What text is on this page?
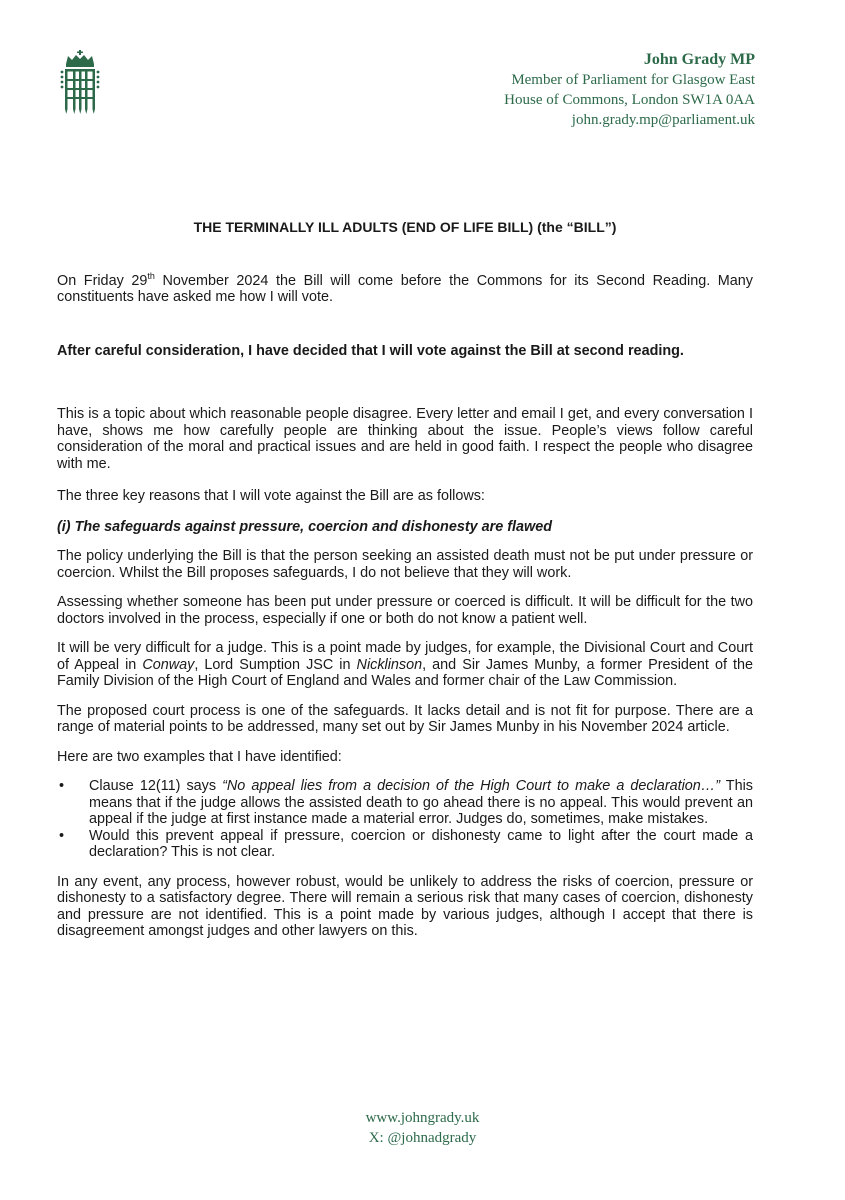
John Grady MP
Member of Parliament for Glasgow East
House of Commons, London SW1A 0AA
john.grady.mp@parliament.uk

THE TERMINALLY ILL ADULTS (END OF LIFE BILL) (the “BILL”)

On Friday 29th November 2024 the Bill will come before the Commons for its Second Reading. Many constituents have asked me how I will vote.

After careful consideration, I have decided that I will vote against the Bill at second reading.

This is a topic about which reasonable people disagree. Every letter and email I get, and every conversation I have, shows me how carefully people are thinking about the issue. People’s views follow careful consideration of the moral and practical issues and are held in good faith. I respect the people who disagree with me.

The three key reasons that I will vote against the Bill are as follows:

(i) The safeguards against pressure, coercion and dishonesty are flawed

The policy underlying the Bill is that the person seeking an assisted death must not be put under pressure or coercion. Whilst the Bill proposes safeguards, I do not believe that they will work.

Assessing whether someone has been put under pressure or coerced is difficult. It will be difficult for the two doctors involved in the process, especially if one or both do not know a patient well.

It will be very difficult for a judge. This is a point made by judges, for example, the Divisional Court and Court of Appeal in Conway, Lord Sumption JSC in Nicklinson, and Sir James Munby, a former President of the Family Division of the High Court of England and Wales and former chair of the Law Commission.

The proposed court process is one of the safeguards. It lacks detail and is not fit for purpose. There are a range of material points to be addressed, many set out by Sir James Munby in his November 2024 article.

Here are two examples that I have identified:

• Clause 12(11) says “No appeal lies from a decision of the High Court to make a declaration…” This means that if the judge allows the assisted death to go ahead there is no appeal. This would prevent an appeal if the judge at first instance made a material error. Judges do, sometimes, make mistakes.
• Would this prevent appeal if pressure, coercion or dishonesty came to light after the court made a declaration? This is not clear.

In any event, any process, however robust, would be unlikely to address the risks of coercion, pressure or dishonesty to a satisfactory degree. There will remain a serious risk that many cases of coercion, dishonesty and pressure are not identified. This is a point made by various judges, although I accept that there is disagreement amongst judges and other lawyers on this.

www.johngrady.uk
X: @johnadgrady
